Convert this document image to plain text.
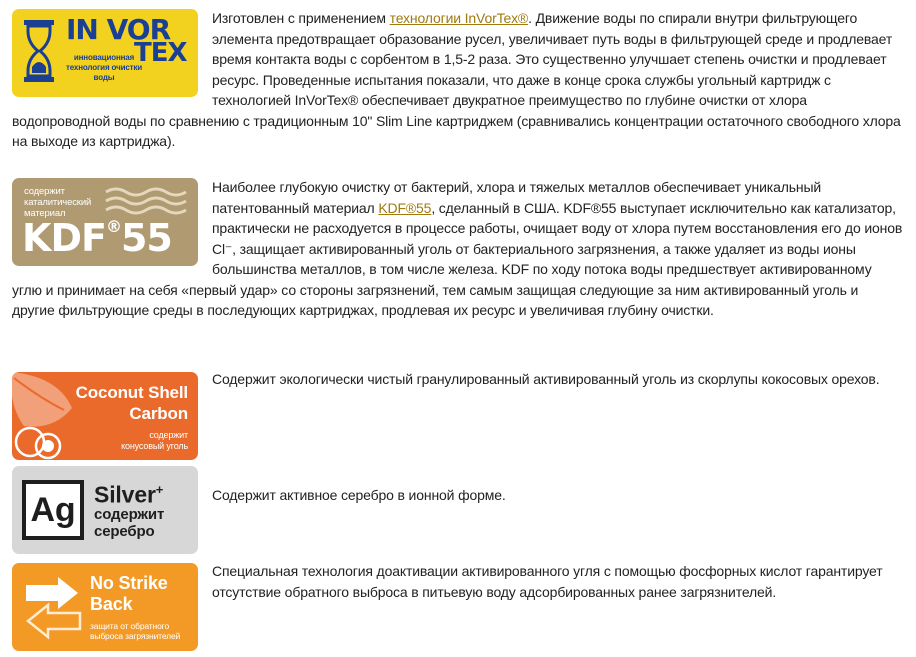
IN VOR
инновационная технология очистки воды
TEX

Изготовлен с применением технологии InVorTex®. Движение воды по спирали внутри фильтрующего элемента предотвращает образование русел, увеличивает путь воды в фильтрующей среде и продлевает время контакта воды с сорбентом в 1,5-2 раза. Это существенно улучшает степень очистки и продлевает ресурс. Проведенные испытания показали, что даже в конце срока службы угольный картридж с технологией InVorTex® обеспечивает двукратное преимущество по глубине очистки от хлора водопроводной воды по сравнению с традиционным 10" Slim Line картриджем (сравнивались концентрации остаточного свободного хлора на выходе из картриджа).

содержит каталитический материал
KDF®55

Наиболее глубокую очистку от бактерий, хлора и тяжелых металлов обеспечивает уникальный патентованный материал KDF®55, сделанный в США. KDF®55 выступает исключительно как катализатор, практически не расходуется в процессе работы, очищает воду от хлора путем восстановления его до ионов Cl⁻, защищает активированный уголь от бактериального загрязнения, а также удаляет из воды ионы большинства металлов, в том числе железа. KDF по ходу потока воды предшествует активированному углю и принимает на себя «первый удар» со стороны загрязнений, тем самым защищая следующие за ним активированный уголь и другие фильтрующие среды в последующих картриджах, продлевая их ресурс и увеличивая глубину очистки.

Coconut Shell
Carbon
содержит
конусовый уголь

Содержит экологически чистый гранулированный активированный уголь из скорлупы кокосовых орехов.

Ag Silver+
содержит
серебро

Содержит активное серебро в ионной форме.

No Strike
Back
защита от обратного
выброса загрязнителей

Специальная технология доактивации активированного угля с помощью фосфорных кислот гарантирует отсутствие обратного выброса в питьевую воду адсорбированных ранее загрязнителей.
